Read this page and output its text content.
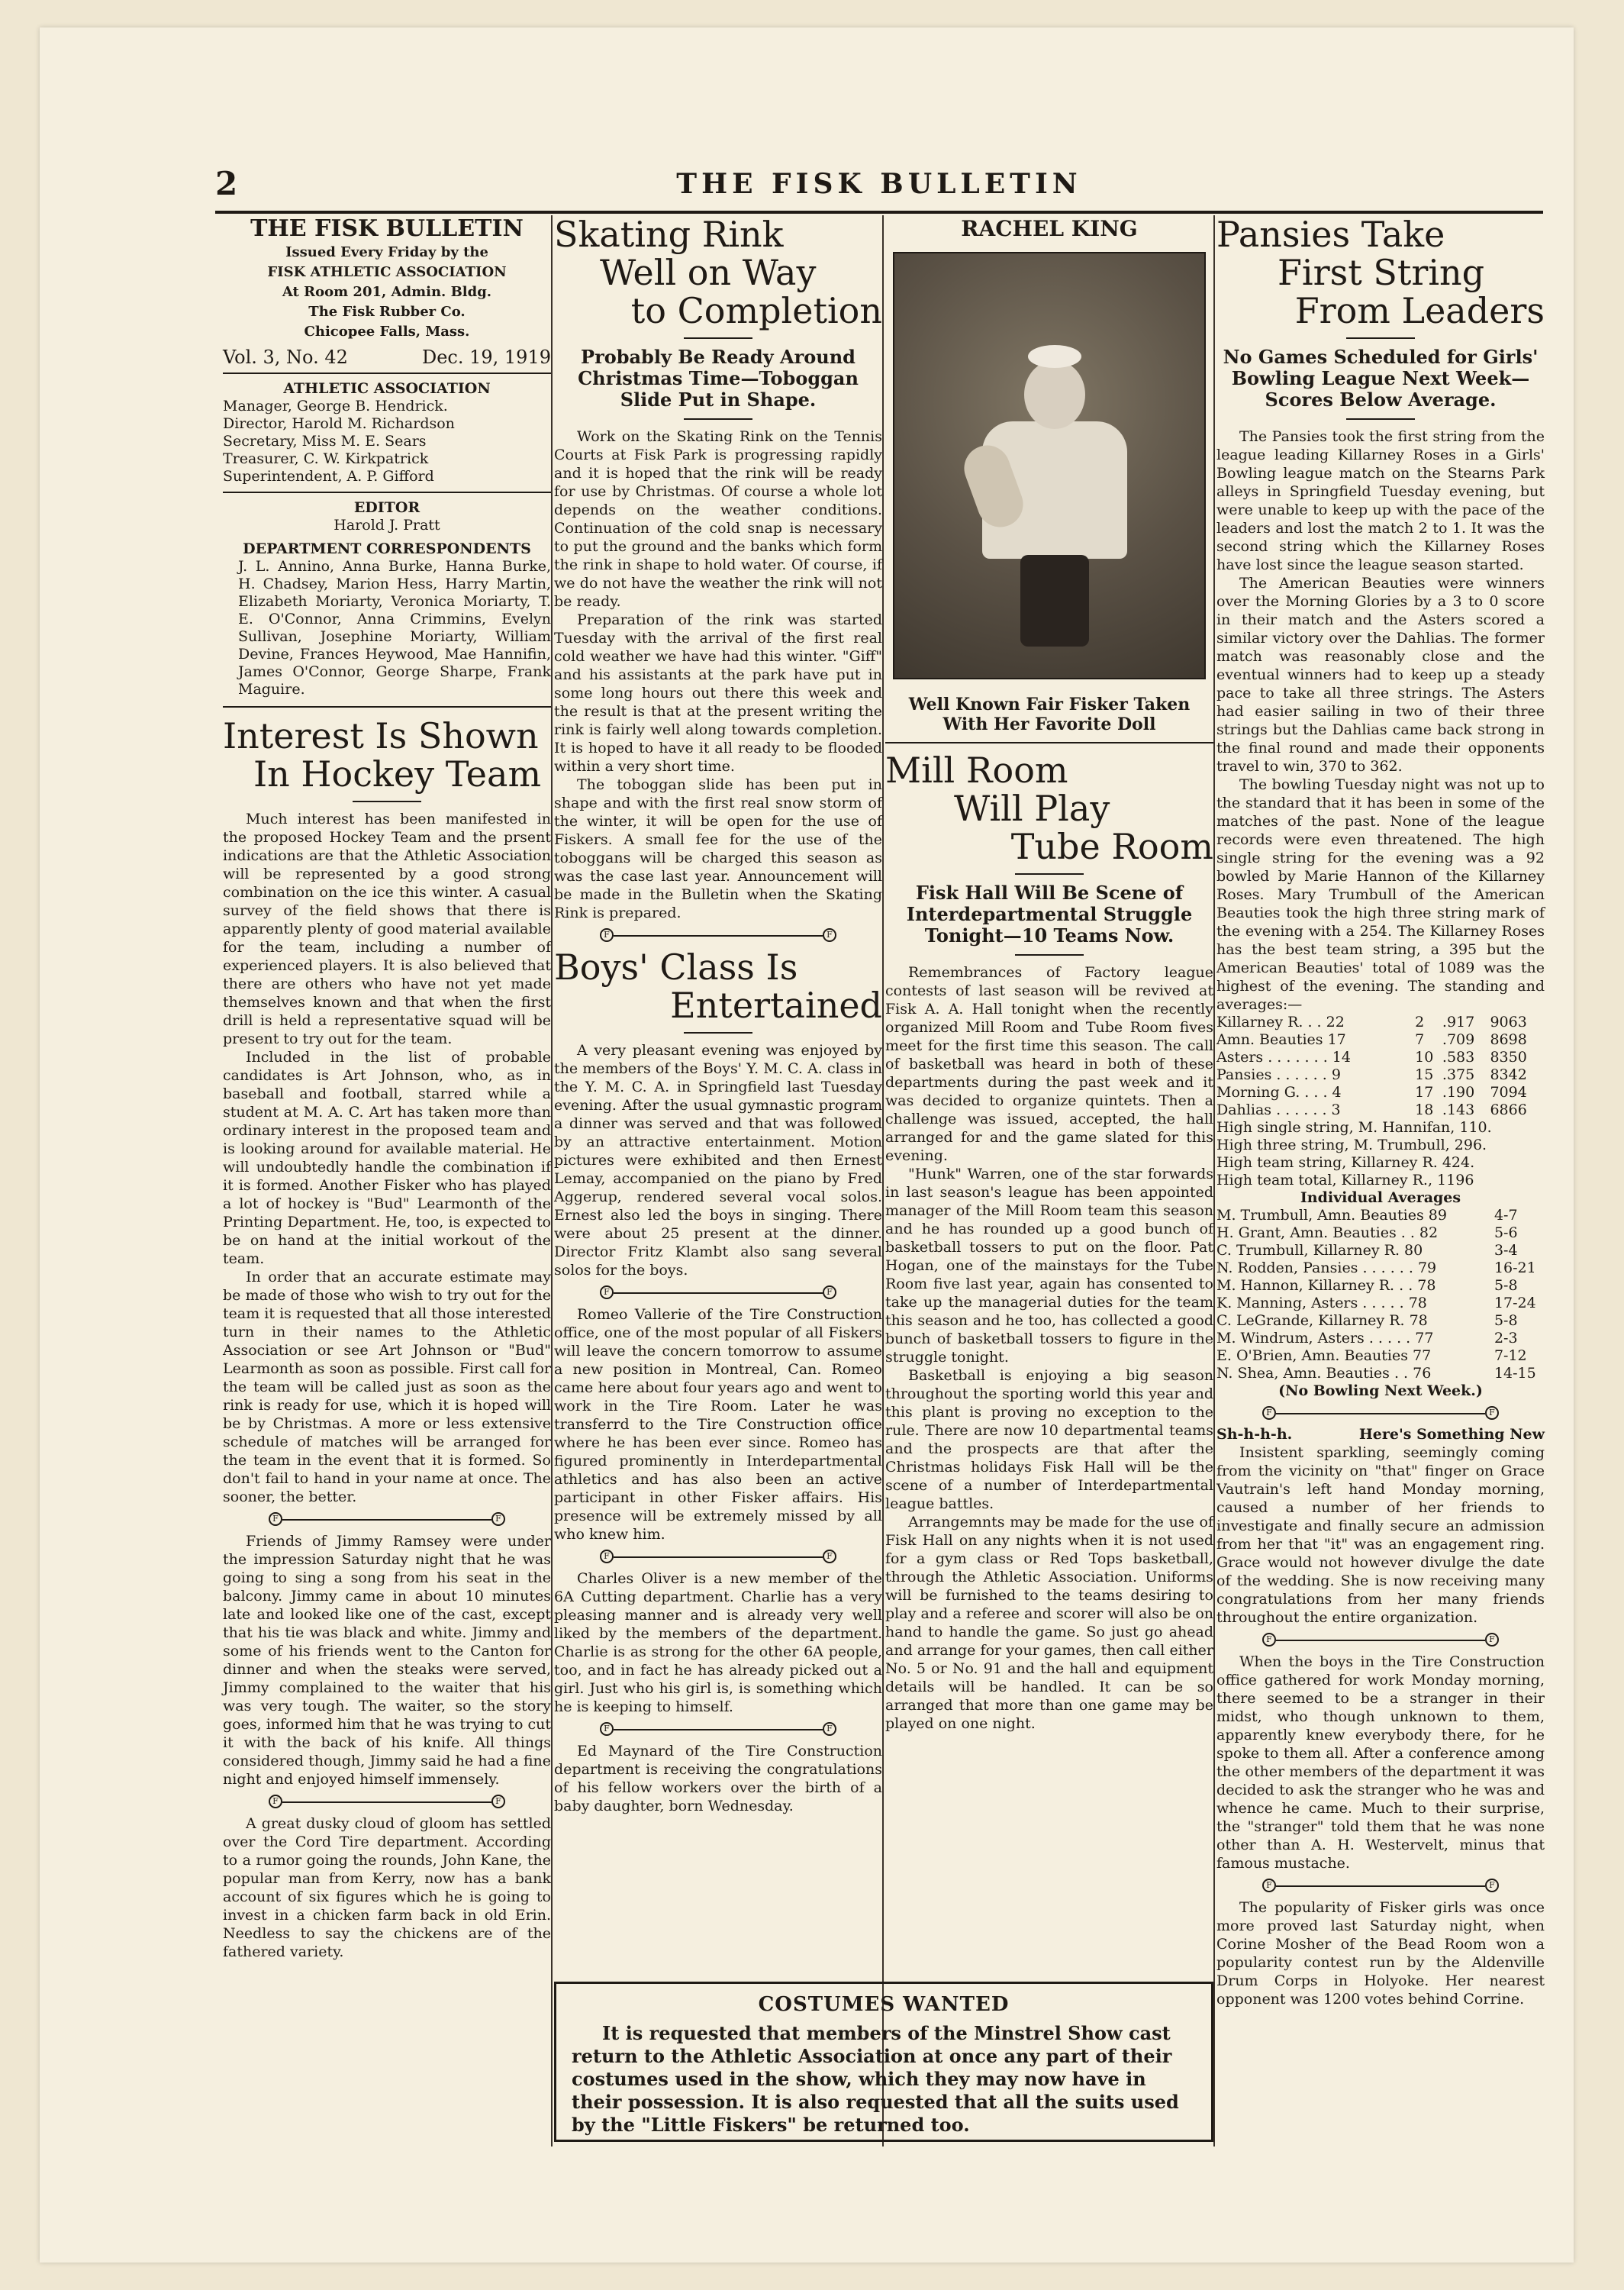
2	THE FISK BULLETIN
THE FISK BULLETIN
Issued Every Friday by the
FISK ATHLETIC ASSOCIATION
At Room 201, Admin. Bldg.
The Fisk Rubber Co.
Chicopee Falls, Mass.
Vol. 3, No. 42	Dec. 19, 1919
ATHLETIC ASSOCIATION
Manager, George B. Hendrick.
Director, Harold M. Richardson
Secretary, Miss M. E. Sears
Treasurer, C. W. Kirkpatrick
Superintendent, A. P. Gifford
EDITOR
Harold J. Pratt
DEPARTMENT CORRESPONDENTS

J. L. Annino, Anna Burke, Hanna Burke, H. Chadsey, Marion Hess, Harry Martin, Elizabeth Moriarty, Veronica Moriarty, T. E. O'Connor, Anna Crimmins, Evelyn Sullivan, Josephine Moriarty, William Devine, Frances Heywood, Mae Hannifin, James O'Connor, George Sharpe, Frank Maguire.

Interest Is Shown
In Hockey Team

Much interest has been manifested in the proposed Hockey Team and the prsent indications are that the Athletic Association will be represented by a good strong combination on the ice this winter. A casual survey of the field shows that there is apparently plenty of good material available for the team, including a number of experienced players. It is also believed that there are others who have not yet made themselves known and that when the first drill is held a representative squad will be present to try out for the team.

Included in the list of probable candidates is Art Johnson, who, as in baseball and football, starred while a student at M. A. C. Art has taken more than ordinary interest in the proposed team and is looking around for available material. He will undoubtedly handle the combination if it is formed. Another Fisker who has played a lot of hockey is "Bud" Learmonth of the Printing Department. He, too, is expected to be on hand at the initial workout of the team.

In order that an accurate estimate may be made of those who wish to try out for the team it is requested that all those interested turn in their names to the Athletic Association or see Art Johnson or "Bud" Learmonth as soon as possible. First call for the team will be called just as soon as the rink is ready for use, which it is hoped will be by Christmas. A more or less extensive schedule of matches will be arranged for the team in the event that it is formed. So don't fail to hand in your name at once. The sooner, the better.

F	F

Friends of Jimmy Ramsey were under the impression Saturday night that he was going to sing a song from his seat in the balcony. Jimmy came in about 10 minutes late and looked like one of the cast, except that his tie was black and white. Jimmy and some of his friends went to the Canton for dinner and when the steaks were served, Jimmy complained to the waiter that his was very tough. The waiter, so the story goes, informed him that he was trying to cut it with the back of his knife. All things considered though, Jimmy said he had a fine night and enjoyed himself immensely.

F	F

A great dusky cloud of gloom has settled over the Cord Tire department. According to a rumor going the rounds, John Kane, the popular man from Kerry, now has a bank account of six figures which he is going to invest in a chicken farm back in old Erin. Needless to say the chickens are of the fathered variety.

Skating Rink
Well on Way
to Completion
Probably Be Ready Around Christmas Time—Toboggan Slide Put in Shape.

Work on the Skating Rink on the Tennis Courts at Fisk Park is progressing rapidly and it is hoped that the rink will be ready for use by Christmas. Of course a whole lot depends on the weather conditions. Continuation of the cold snap is necessary to put the ground and the banks which form the rink in shape to hold water. Of course, if we do not have the weather the rink will not be ready.

Preparation of the rink was started Tuesday with the arrival of the first real cold weather we have had this winter. "Giff" and his assistants at the park have put in some long hours out there this week and the result is that at the present writing the rink is fairly well along towards completion. It is hoped to have it all ready to be flooded within a very short time.

The toboggan slide has been put in shape and with the first real snow storm of the winter, it will be open for the use of Fiskers. A small fee for the use of the toboggans will be charged this season as was the case last year. Announcement will be made in the Bulletin when the Skating Rink is prepared.

F	F
Boys' Class Is
Entertained

A very pleasant evening was enjoyed by the members of the Boys' Y. M. C. A. class in the Y. M. C. A. in Springfield last Tuesday evening. After the usual gymnastic program a dinner was served and that was followed by an attractive entertainment. Motion pictures were exhibited and then Ernest Lemay, accompanied on the piano by Fred Aggerup, rendered several vocal solos. Ernest also led the boys in singing. There were about 25 present at the dinner. Director Fritz Klambt also sang several solos for the boys.

F	F

Romeo Vallerie of the Tire Construction office, one of the most popular of all Fiskers will leave the concern tomorrow to assume a new position in Montreal, Can. Romeo came here about four years ago and went to work in the Tire Room. Later he was transferrd to the Tire Construction office where he has been ever since. Romeo has figured prominently in Interdepartmental athletics and has also been an active participant in other Fisker affairs. His presence will be extremely missed by all who knew him.

F	F

Charles Oliver is a new member of the 6A Cutting department. Charlie has a very pleasing manner and is already very well liked by the members of the department. Charlie is as strong for the other 6A people, too, and in fact he has already picked out a girl. Just who his girl is, is something which he is keeping to himself.

F	F

Ed Maynard of the Tire Construction department is receiving the congratulations of his fellow workers over the birth of a baby daughter, born Wednesday.

RACHEL KING
Well Known Fair Fisker Taken With Her Favorite Doll
Mill Room
Will Play
Tube Room
Fisk Hall Will Be Scene of Interdepartmental Struggle Tonight—10 Teams Now.

Remembrances of Factory league contests of last season will be revived at Fisk A. A. Hall tonight when the recently organized Mill Room and Tube Room fives meet for the first time this season. The call of basketball was heard in both of these departments during the past week and it was decided to organize quintets. Then a challenge was issued, accepted, the hall arranged for and the game slated for this evening.

"Hunk" Warren, one of the star forwards in last season's league has been appointed manager of the Mill Room team this season and he has rounded up a good bunch of basketball tossers to put on the floor. Pat Hogan, one of the mainstays for the Tube Room five last year, again has consented to take up the managerial duties for the team this season and he too, has collected a good bunch of basketball tossers to figure in the struggle tonight.

Basketball is enjoying a big season throughout the sporting world this year and this plant is proving no exception to the rule. There are now 10 departmental teams and the prospects are that after the Christmas holidays Fisk Hall will be the scene of a number of Interdepartmental league battles.

Arrangemnts may be made for the use of Fisk Hall on any nights when it is not used for a gym class or Red Tops basketball, through the Athletic Association. Uniforms will be furnished to the teams desiring to play and a referee and scorer will also be on hand to handle the game. So just go ahead and arrange for your games, then call either No. 5 or No. 91 and the hall and equipment details will be handled. It can be so arranged that more than one game may be played on one night.

Pansies Take
First String
From Leaders
No Games Scheduled for Girls' Bowling League Next Week—Scores Below Average.

The Pansies took the first string from the league leading Killarney Roses in a Girls' Bowling league match on the Stearns Park alleys in Springfield Tuesday evening, but were unable to keep up with the pace of the leaders and lost the match 2 to 1. It was the second string which the Killarney Roses have lost since the league season started.

The American Beauties were winners over the Morning Glories by a 3 to 0 score in their match and the Asters scored a similar victory over the Dahlias. The former match was reasonably close and the eventual winners had to keep up a steady pace to take all three strings. The Asters had easier sailing in two of their three strings but the Dahlias came back strong in the final round and made their opponents travel to win, 370 to 362.

The bowling Tuesday night was not up to the standard that it has been in some of the matches of the past. None of the league records were even threatened. The high single string for the evening was a 92 bowled by Marie Hannon of the Killarney Roses. Mary Trumbull of the American Beauties took the high three string mark of the evening with a 254. The Killarney Roses has the best team string, a 395 but the American Beauties' total of 1089 was the highest of the evening. The standing and averages:—

Killarney R. . . 22	2	.917	9063
Amn. Beauties 17	7	.709	8698
Asters . . . . . . . 14	10	.583	8350
Pansies . . . . . . 9	15	.375	8342
Morning G. . . . 4	17	.190	7094
Dahlias . . . . . . 3	18	.143	6866
High single string, M. Hannifan, 110.
High three string, M. Trumbull, 296.
High team string, Killarney R. 424.
High team total, Killarney R., 1196
Individual Averages
M. Trumbull, Amn. Beauties 89	4-7
H. Grant, Amn. Beauties . . 82	5-6
C. Trumbull, Killarney R. 80	3-4
N. Rodden, Pansies . . . . . . 79	16-21
M. Hannon, Killarney R. . . 78	5-8
K. Manning, Asters . . . . . 78	17-24
C. LeGrande, Killarney R. 78	5-8
M. Windrum, Asters . . . . . 77	2-3
E. O'Brien, Amn. Beauties 77	7-12
N. Shea, Amn. Beauties . . 76	14-15
(No Bowling Next Week.)
F	F
Sh-h-h-h.	Here's Something New

Insistent sparkling, seemingly coming from the vicinity on "that" finger on Grace Vautrain's left hand Monday morning, caused a number of her friends to investigate and finally secure an admission from her that "it" was an engagement ring. Grace would not however divulge the date of the wedding. She is now receiving many congratulations from her many friends throughout the entire organization.

F	F

When the boys in the Tire Construction office gathered for work Monday morning, there seemed to be a stranger in their midst, who though unknown to them, apparently knew everybody there, for he spoke to them all. After a conference among the other members of the department it was decided to ask the stranger who he was and whence he came. Much to their surprise, the "stranger" told them that he was none other than A. H. Westervelt, minus that famous mustache.

F	F

The popularity of Fisker girls was once more proved last Saturday night, when Corine Mosher of the Bead Room won a popularity contest run by the Aldenville Drum Corps in Holyoke. Her nearest opponent was 1200 votes behind Corrine.

COSTUMES WANTED

It is requested that members of the Minstrel Show cast return to the Athletic Association at once any part of their costumes used in the show, which they may now have in their possession. It is also requested that all the suits used by the "Little Fiskers" be returned too.
